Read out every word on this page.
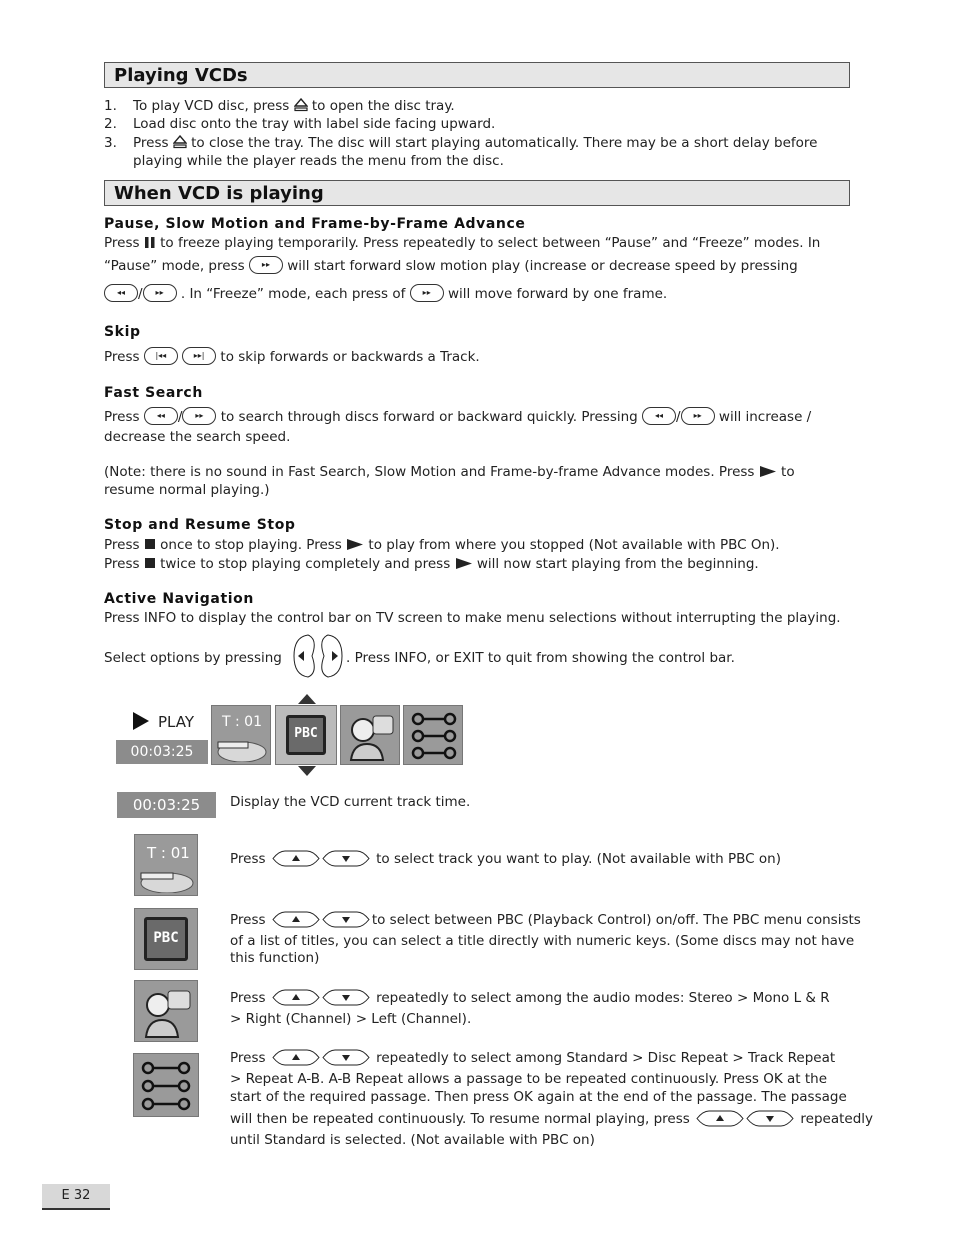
Playing VCDs
1. To play VCD disc, press to open the disc tray.
2. Load disc onto the tray with label side facing upward.
3. Press to close the tray. The disc will start playing automatically. There may be a short delay before
playing while the player reads the menu from the disc.
When VCD is playing
Pause, Slow Motion and Frame-by-Frame Advance
Press to freeze playing temporarily. Press repeatedly to select between “Pause” and “Freeze” modes. In
“Pause” mode, press ▸▸ will start forward slow motion play (increase or decrease speed by pressing
◂◂ / ▸▸ . In “Freeze” mode, each press of ▸▸ will move forward by one frame.
Skip
Press |◂◂	▸▸| to skip forwards or backwards a Track.
Fast Search
Press ◂◂ / ▸▸ to search through discs forward or backward quickly. Pressing ◂◂ / ▸▸ will increase /
decrease the search speed.
(Note: there is no sound in Fast Search, Slow Motion and Frame-by-frame Advance modes. Press to
resume normal playing.)
Stop and Resume Stop
Press once to stop playing. Press to play from where you stopped (Not available with PBC On).
Press twice to stop playing completely and press will now start playing from the beginning.
Active Navigation
Press INFO to display the control bar on TV screen to make menu selections without interrupting the playing.
Select options by pressing	. Press INFO, or EXIT to quit from showing the control bar.
PLAY
00:03:25
T : 01
PBC
00:03:25	Display the VCD current track time.
T : 01	Press	to select track you want to play. (Not available with PBC on)
PBC
Press	to select between PBC (Playback Control) on/off. The PBC menu consists
of a list of titles, you can select a title directly with numeric keys. (Some discs may not have
this function)
Press	repeatedly to select among the audio modes: Stereo > Mono L & R
> Right (Channel) > Left (Channel).
Press	repeatedly to select among Standard > Disc Repeat > Track Repeat
> Repeat A-B. A-B Repeat allows a passage to be repeated continuously. Press OK at the
start of the required passage. Then press OK again at the end of the passage. The passage
will then be repeated continuously. To resume normal playing, press	repeatedly
until Standard is selected. (Not available with PBC on)
E 32
